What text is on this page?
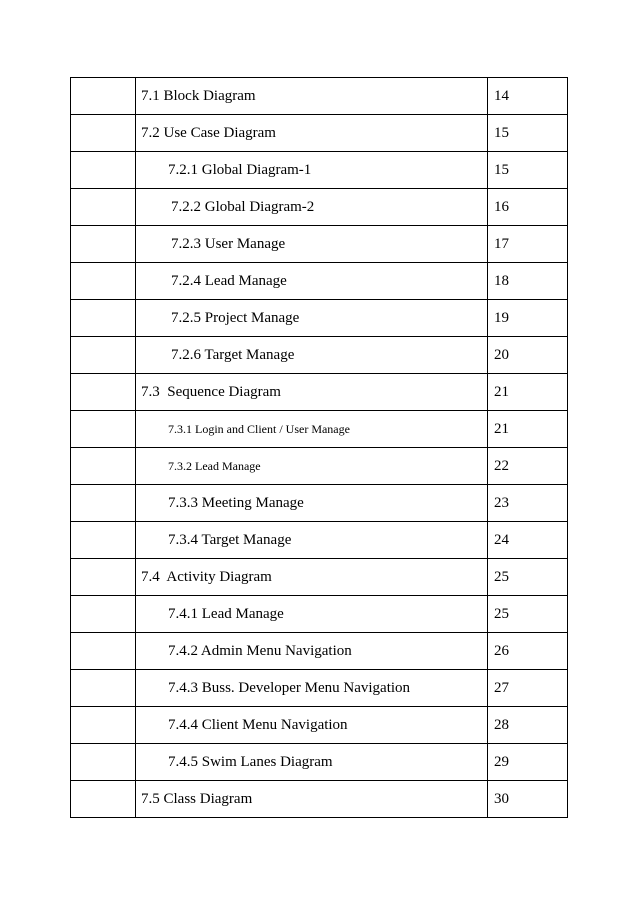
	7.1 Block Diagram	14
	7.2 Use Case Diagram	15
	7.2.1 Global Diagram-1	15
	7.2.2 Global Diagram-2	16
	7.2.3 User Manage	17
	7.2.4 Lead Manage	18
	7.2.5 Project Manage	19
	7.2.6 Target Manage	20
	7.3  Sequence Diagram	21
	7.3.1 Login and Client / User Manage	21
	7.3.2 Lead Manage	22
	7.3.3 Meeting Manage	23
	7.3.4 Target Manage	24
	7.4  Activity Diagram	25
	7.4.1 Lead Manage	25
	7.4.2 Admin Menu Navigation	26
	7.4.3 Buss. Developer Menu Navigation	27
	7.4.4 Client Menu Navigation	28
	7.4.5 Swim Lanes Diagram	29
	7.5 Class Diagram	30
